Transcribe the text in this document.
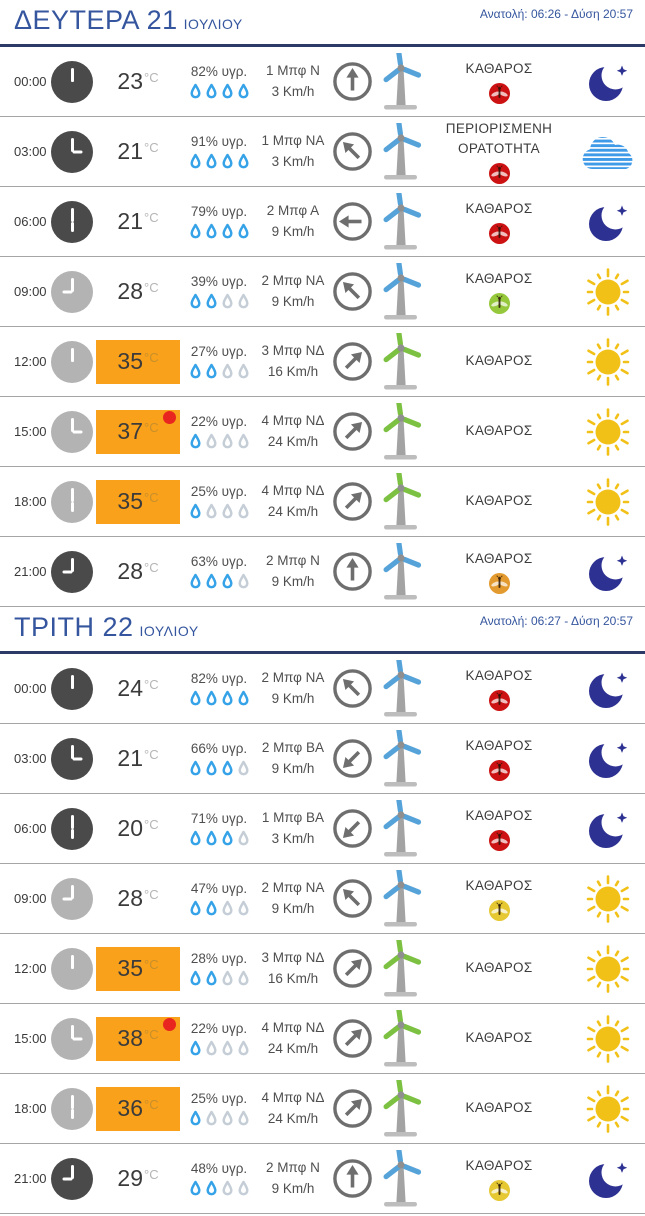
ΔΕΥΤΕΡΑ 21 ΙΟΥΛΙΟΥ
Ανατολή: 06:26 - Δύση 20:57
00:00	23 °C 82% υγρ. 1 Μπφ Ν
3 Km/h
ΚΑΘΑΡΟΣ
03:00	21 °C 91% υγρ. 1 Μπφ ΝΑ
3 Km/h
ΠΕΡΙΟΡΙΣΜΕΝΗ ΟΡΑΤΟΤΗΤΑ
06:00	21 °C 79% υγρ. 2 Μπφ Α
9 Km/h
ΚΑΘΑΡΟΣ
09:00	28 °C 39% υγρ. 2 Μπφ ΝΑ
9 Km/h
ΚΑΘΑΡΟΣ
12:00	35 °C 27% υγρ. 3 Μπφ ΝΔ
16 Km/h
ΚΑΘΑΡΟΣ
15:00	37 °C 22% υγρ. 4 Μπφ ΝΔ
24 Km/h
ΚΑΘΑΡΟΣ
18:00	35 °C 25% υγρ. 4 Μπφ ΝΔ
24 Km/h
ΚΑΘΑΡΟΣ
21:00	28 °C 63% υγρ. 2 Μπφ Ν
9 Km/h
ΚΑΘΑΡΟΣ
ΤΡΙΤΗ 22 ΙΟΥΛΙΟΥ
Ανατολή: 06:27 - Δύση 20:57
00:00	24 °C 82% υγρ. 2 Μπφ ΝΑ
9 Km/h
ΚΑΘΑΡΟΣ
03:00	21 °C 66% υγρ. 2 Μπφ ΒΑ
9 Km/h
ΚΑΘΑΡΟΣ
06:00	20 °C 71% υγρ. 1 Μπφ ΒΑ
3 Km/h
ΚΑΘΑΡΟΣ
09:00	28 °C 47% υγρ. 2 Μπφ ΝΑ
9 Km/h
ΚΑΘΑΡΟΣ
12:00	35 °C 28% υγρ. 3 Μπφ ΝΔ
16 Km/h
ΚΑΘΑΡΟΣ
15:00	38 °C 22% υγρ. 4 Μπφ ΝΔ
24 Km/h
ΚΑΘΑΡΟΣ
18:00	36 °C 25% υγρ. 4 Μπφ ΝΔ
24 Km/h
ΚΑΘΑΡΟΣ
21:00	29 °C 48% υγρ. 2 Μπφ Ν
9 Km/h
ΚΑΘΑΡΟΣ
